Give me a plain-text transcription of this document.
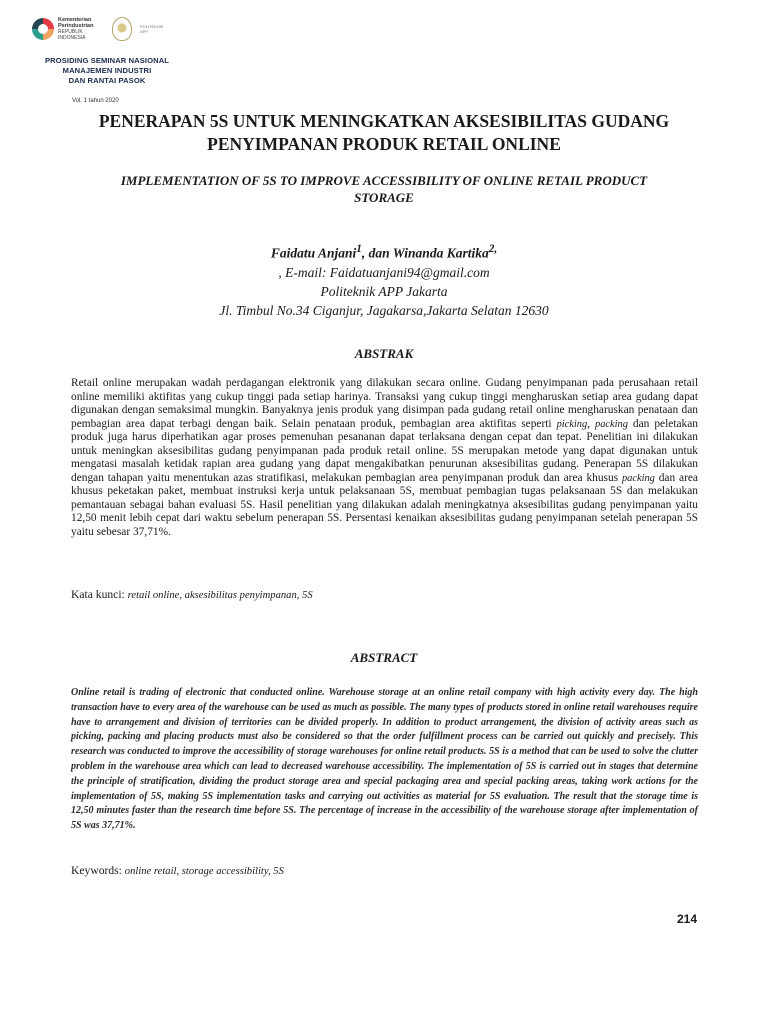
Kementerian
Perindustrian
REPUBLIK INDONESIA
POLITEKNIK APP
PROSIDING SEMINAR NASIONAL
MANAJEMEN INDUSTRI
DAN RANTAI PASOK
Vol. 1 tahun 2020
PENERAPAN 5S UNTUK MENINGKATKAN AKSESIBILITAS GUDANG
PENYIMPANAN PRODUK RETAIL ONLINE
IMPLEMENTATION OF 5S TO IMPROVE ACCESSIBILITY OF ONLINE RETAIL PRODUCT
STORAGE
Faidatu Anjani$^1$, dan Winanda Kartika$^{2,}$
, E-mail: Faidatuanjani94@gmail.com
Politeknik APP Jakarta
Jl. Timbul No.34 Ciganjur, Jagakarsa,Jakarta Selatan 12630
ABSTRAK

Retail online merupakan wadah perdagangan elektronik yang dilakukan secara online. Gudang penyimpanan pada perusahaan retail online memiliki aktifitas yang cukup tinggi pada setiap harinya. Transaksi yang cukup tinggi mengharuskan setiap area gudang dapat digunakan dengan semaksimal mungkin. Banyaknya jenis produk yang disimpan pada gudang retail online mengharuskan penataan dan pembagian area dapat terbagi dengan baik. Selain penataan produk, pembagian area aktifitas seperti picking, packing dan peletakan produk juga harus diperhatikan agar proses pemenuhan pesananan dapat terlaksana dengan cepat dan tepat. Penelitian ini dilakukan untuk meningkan aksesibilitas gudang penyimpanan pada produk retail online. 5S merupakan metode yang dapat digunakan untuk mengatasi masalah ketidak rapian area gudang yang dapat mengakibatkan penurunan aksesibilitas gudang. Penerapan 5S dilakukan dengan tahapan yaitu menentukan azas stratifikasi, melakukan pembagian area penyimpanan produk dan area khusus packing dan area khusus peketakan paket, membuat instruksi kerja untuk pelaksanaan 5S, membuat pembagian tugas pelaksanaan 5S dan melakukan pemantauan sebagai bahan evaluasi 5S. Hasil penelitian yang dilakukan adalah meningkatnya aksesibilitas gudang penyimpanan yaitu 12,50 menit lebih cepat dari waktu sebelum penerapan 5S. Persentasi kenaikan aksesibilitas gudang penyimpanan setelah penerapan 5S yaitu sebesar 37,71%.

Kata kunci: retail online, aksesibilitas penyimpanan, 5S

ABSTRACT

Online retail is trading of electronic that conducted online. Warehouse storage at an online retail company with high activity every day. The high transaction have to every area of the warehouse can be used as much as possible. The many types of products stored in online retail warehouses require have to arrangement and division of territories can be divided properly. In addition to product arrangement, the division of activity areas such as picking, packing and placing products must also be considered so that the order fulfillment process can be carried out quickly and precisely. This research was conducted to improve the accessibility of storage warehouses for online retail products. 5S is a method that can be used to solve the clutter problem in the warehouse area which can lead to decreased warehouse accessibility. The implementation of 5S is carried out in stages that determine the principle of stratification, dividing the product storage area and special packaging area and special packing areas, taking work actions for the implementation of 5S, making 5S implementation tasks and carrying out activities as material for 5S evaluation. The result that the storage time is 12,50 minutes faster than the research time before 5S. The percentage of increase in the accessibility of the warehouse storage after implementation of 5S was 37,71%.

Keywords: online retail, storage accessibility, 5S

214
